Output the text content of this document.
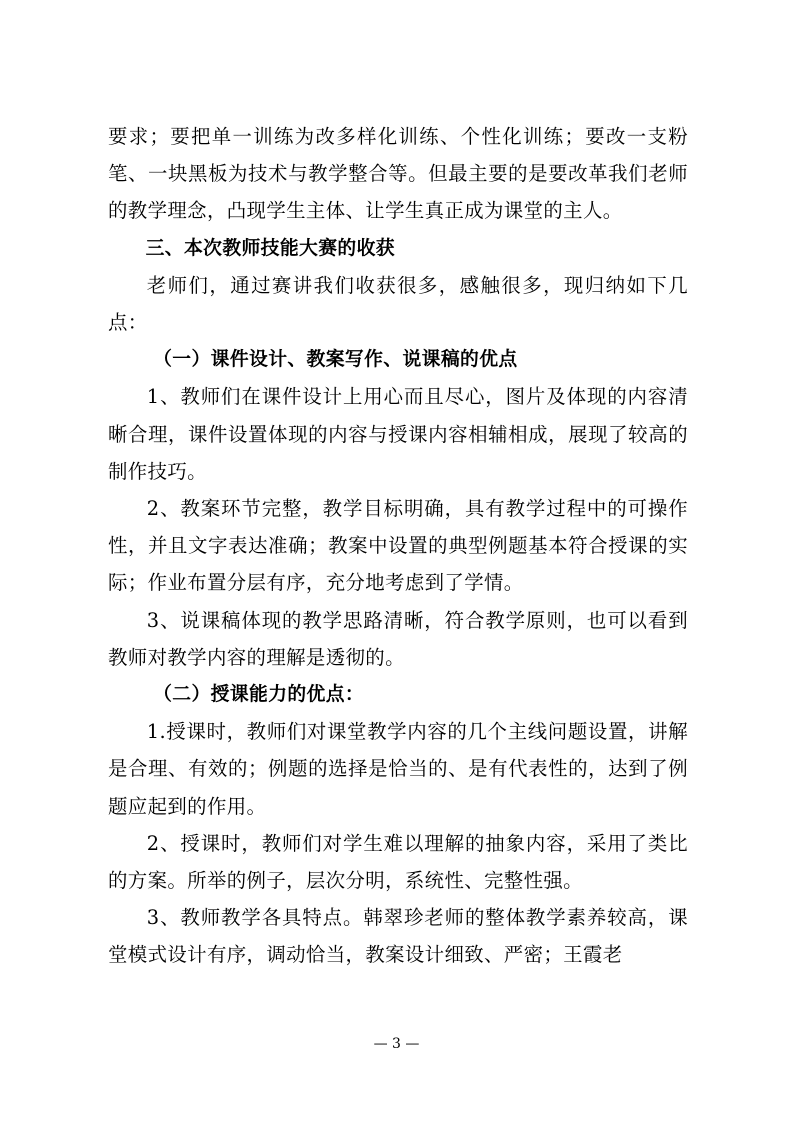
要求；要把单一训练为改多样化训练、个性化训练；要改一支粉笔、一块黑板为技术与教学整合等。但最主要的是要改革我们老师的教学理念，凸现学生主体、让学生真正成为课堂的主人。

三、本次教师技能大赛的收获

老师们，通过赛讲我们收获很多，感触很多，现归纳如下几点：

（一）课件设计、教案写作、说课稿的优点

1、教师们在课件设计上用心而且尽心，图片及体现的内容清晰合理，课件设置体现的内容与授课内容相辅相成，展现了较高的制作技巧。

2、教案环节完整，教学目标明确，具有教学过程中的可操作性，并且文字表达准确；教案中设置的典型例题基本符合授课的实际；作业布置分层有序，充分地考虑到了学情。

3、说课稿体现的教学思路清晰，符合教学原则，也可以看到教师对教学内容的理解是透彻的。

（二）授课能力的优点：

1.授课时，教师们对课堂教学内容的几个主线问题设置，讲解是合理、有效的；例题的选择是恰当的、是有代表性的，达到了例题应起到的作用。

2、授课时，教师们对学生难以理解的抽象内容，采用了类比的方案。所举的例子，层次分明，系统性、完整性强。

3、教师教学各具特点。韩翠珍老师的整体教学素养较高，课堂模式设计有序，调动恰当，教案设计细致、严密；王霞老

— 3 —
